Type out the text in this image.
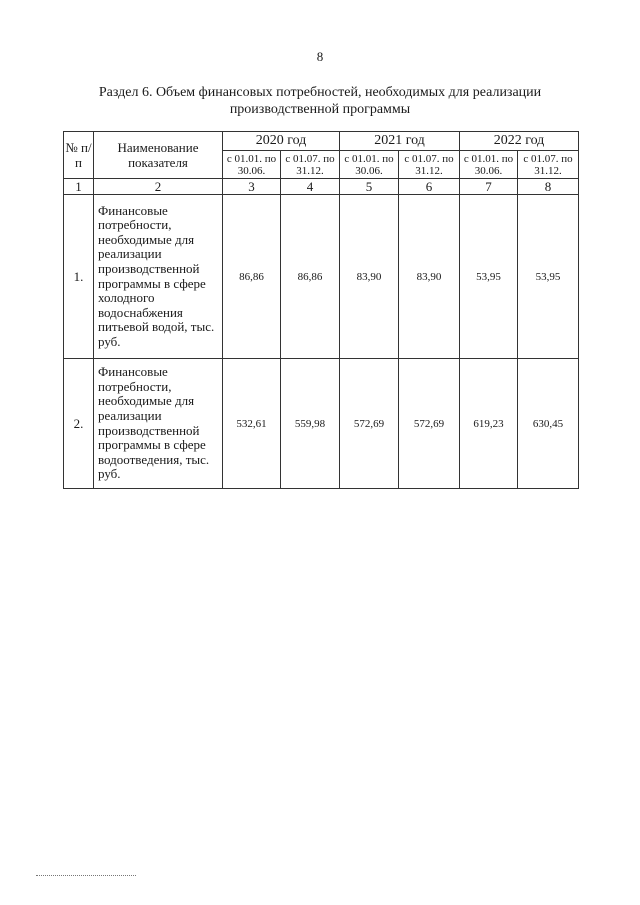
8
Раздел 6. Объем финансовых потребностей, необходимых для реализации производственной программы
№ п/п	Наименование показателя	2020 год		2021 год		2022 год	
		с 01.01. по 30.06.	с 01.07. по 31.12.	с 01.01. по 30.06.	с 01.07. по 31.12.	с 01.01. по 30.06.	с 01.07. по 31.12.
1	2	3	4	5	6	7	8
1.	Финансовые потребности, необходимые для реализации производственной программы в сфере холодного водоснабжения питьевой водой, тыс. руб.	86,86	86,86	83,90	83,90	53,95	53,95
2.	Финансовые потребности, необходимые для реализации производственной программы в сфере водоотведения, тыс. руб.	532,61	559,98	572,69	572,69	619,23	630,45
